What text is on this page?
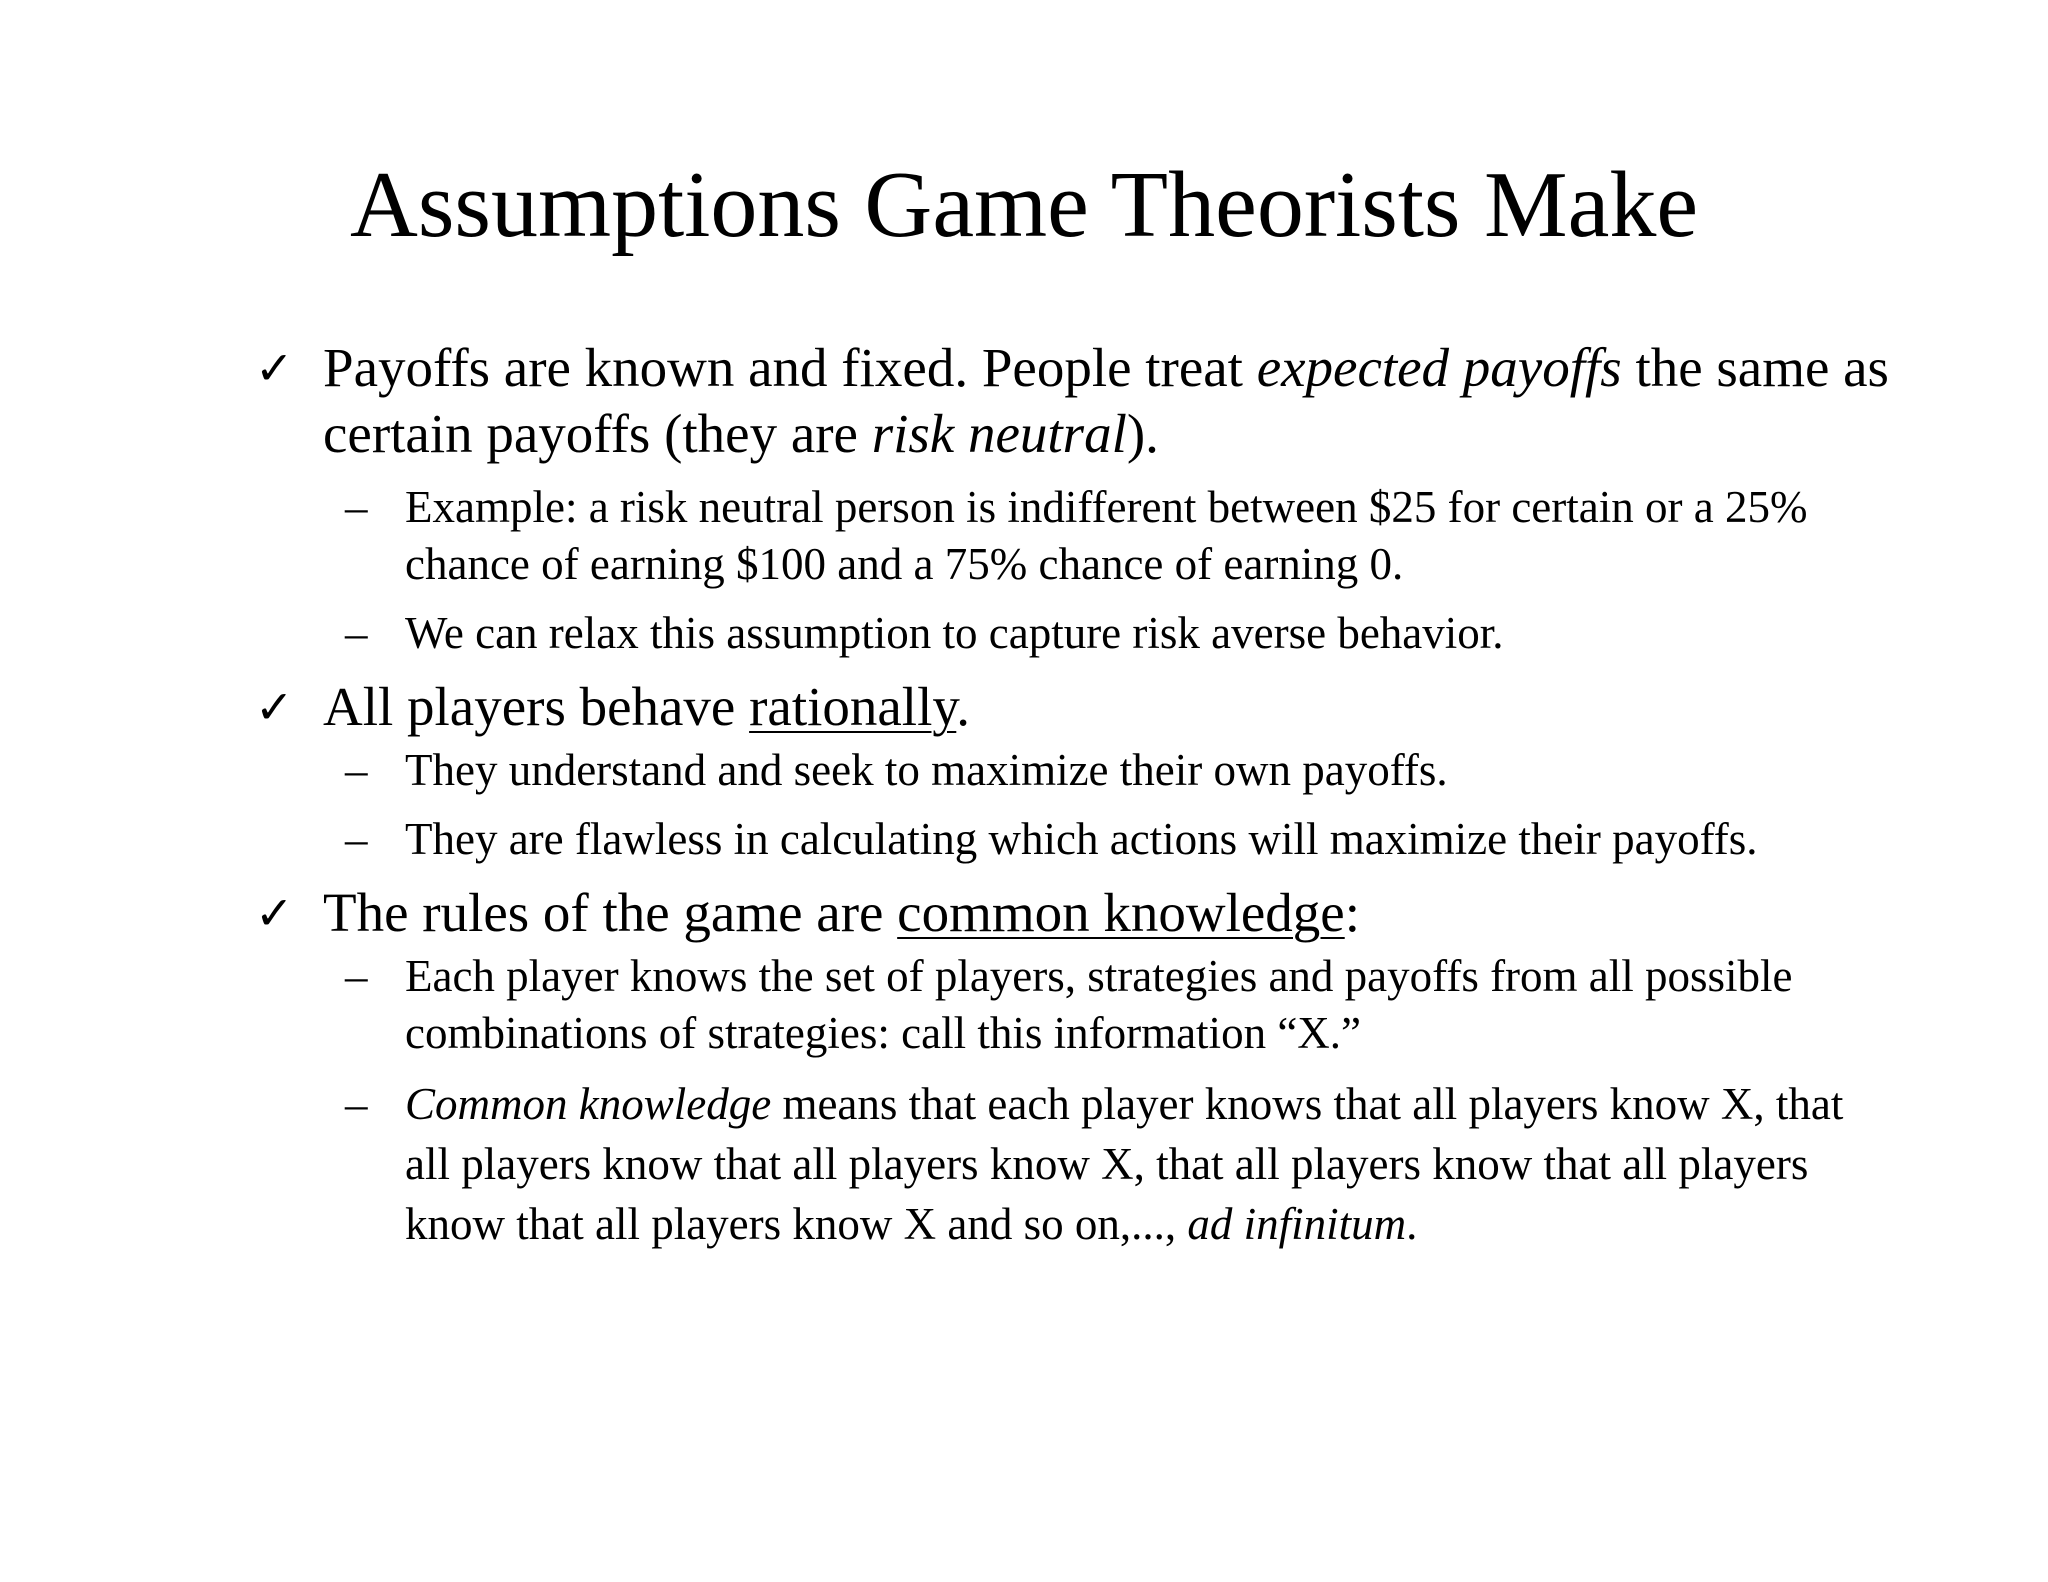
Assumptions Game Theorists Make
✓ Payoffs are known and fixed. People treat expected payoffs the same as certain payoffs (they are risk neutral).
– Example: a risk neutral person is indifferent between $25 for certain or a 25% chance of earning $100 and a 75% chance of earning 0.
– We can relax this assumption to capture risk averse behavior.
✓ All players behave rationally.
– They understand and seek to maximize their own payoffs.
– They are flawless in calculating which actions will maximize their payoffs.
✓ The rules of the game are common knowledge:
– Each player knows the set of players, strategies and payoffs from all possible combinations of strategies: call this information “X.”
– Common knowledge means that each player knows that all players know X, that all players know that all players know X, that all players know that all players know that all players know X and so on,..., ad infinitum.
